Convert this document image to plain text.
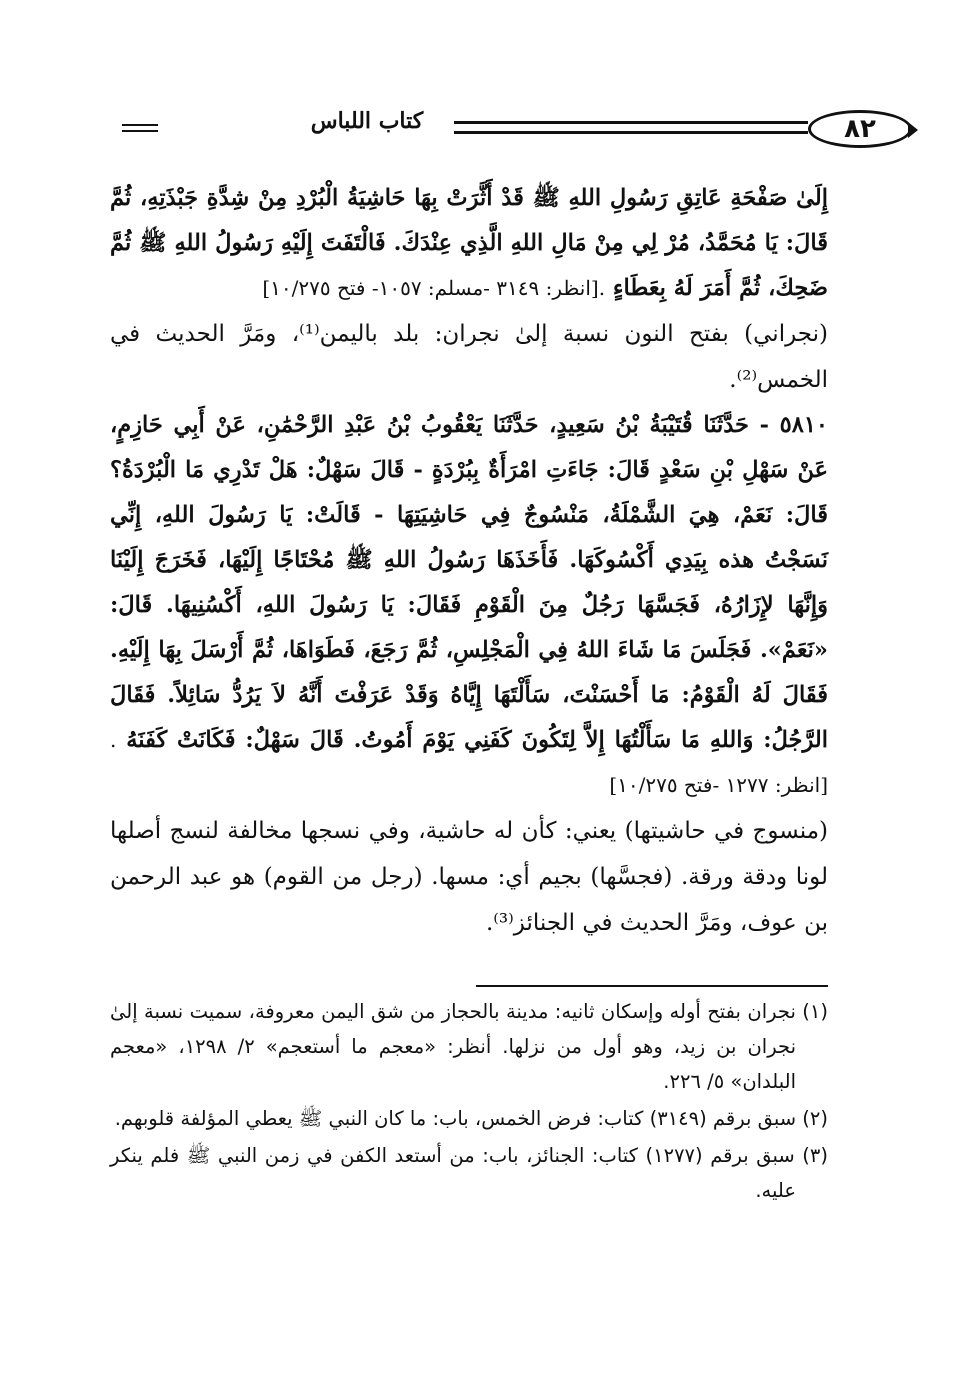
كتاب اللباس	٨٢

إِلَىٰ صَفْحَةِ عَاتِقِ رَسُولِ اللهِ ﷺ قَدْ أَثَّرَتْ بِهَا حَاشِيَةُ الْبُرْدِ مِنْ شِدَّةِ جَبْذَتِهِ، ثُمَّ قَالَ: يَا مُحَمَّدُ، مُرْ لِي مِنْ مَالِ اللهِ الَّذِي عِنْدَكَ. فَالْتَفَتَ إِلَيْهِ رَسُولُ اللهِ ﷺ ثُمَّ ضَحِكَ، ثُمَّ أَمَرَ لَهُ بِعَطَاءٍ .[انظر: ٣١٤٩ -مسلم: ١٠٥٧- فتح ١٠/٢٧٥]

(نجراني) بفتح النون نسبة إلىٰ نجران: بلد باليمن⁽¹⁾، ومَرَّ الحديث في الخمس⁽²⁾.

٥٨١٠ - حَدَّثَنَا قُتَيْبَةُ بْنُ سَعِيدٍ، حَدَّثَنَا يَعْقُوبُ بْنُ عَبْدِ الرَّحْمَٰنِ، عَنْ أَبِي حَازِمٍ، عَنْ سَهْلِ بْنِ سَعْدٍ قَالَ: جَاءَتِ امْرَأَةٌ بِبُرْدَةٍ - قَالَ سَهْلٌ: هَلْ تَدْرِي مَا الْبُرْدَةُ؟ قَالَ: نَعَمْ، هِيَ الشَّمْلَةُ، مَنْسُوجٌ فِي حَاشِيَتِهَا - قَالَتْ: يَا رَسُولَ اللهِ، إِنِّي نَسَجْتُ هذه بِيَدِي أَكْسُوكَهَا. فَأَخَذَهَا رَسُولُ اللهِ ﷺ مُحْتَاجًا إِلَيْهَا، فَخَرَجَ إِلَيْنَا وَإِنَّهَا لإِزَارُهُ، فَجَسَّهَا رَجُلٌ مِنَ الْقَوْمِ فَقَالَ: يَا رَسُولَ اللهِ، أَكْسُنِيهَا. قَالَ: «نَعَمْ». فَجَلَسَ مَا شَاءَ اللهُ فِي الْمَجْلِسِ، ثُمَّ رَجَعَ، فَطَوَاهَا، ثُمَّ أَرْسَلَ بِهَا إِلَيْهِ. فَقَالَ لَهُ الْقَوْمُ: مَا أَحْسَنْتَ، سَأَلْتَهَا إِيَّاهُ وَقَدْ عَرَفْتَ أَنَّهُ لاَ يَرُدُّ سَائِلاً. فَقَالَ الرَّجُلُ: وَاللهِ مَا سَأَلْتُهَا إِلاَّ لِتَكُونَ كَفَنِي يَوْمَ أَمُوتُ. قَالَ سَهْلٌ: فَكَانَتْ كَفَنَهُ .[انظر: ١٢٧٧ -فتح ١٠/٢٧٥]

(منسوج في حاشيتها) يعني: كأن له حاشية، وفي نسجها مخالفة لنسج أصلها لونا ودقة ورقة. (فجسَّها) بجيم أي: مسها. (رجل من القوم) هو عبد الرحمن بن عوف، ومَرَّ الحديث في الجنائز⁽³⁾.

(١) نجران بفتح أوله وإسكان ثانيه: مدينة بالحجاز من شق اليمن معروفة، سميت نسبة إلىٰ نجران بن زيد، وهو أول من نزلها. أنظر: «معجم ما أستعجم» ٢/ ١٢٩٨، «معجم البلدان» ٥/ ٢٢٦.

(٢) سبق برقم (٣١٤٩) كتاب: فرض الخمس، باب: ما كان النبي ﷺ يعطي المؤلفة قلوبهم.

(٣) سبق برقم (١٢٧٧) كتاب: الجنائز، باب: من أستعد الكفن في زمن النبي ﷺ فلم ينكر عليه.
